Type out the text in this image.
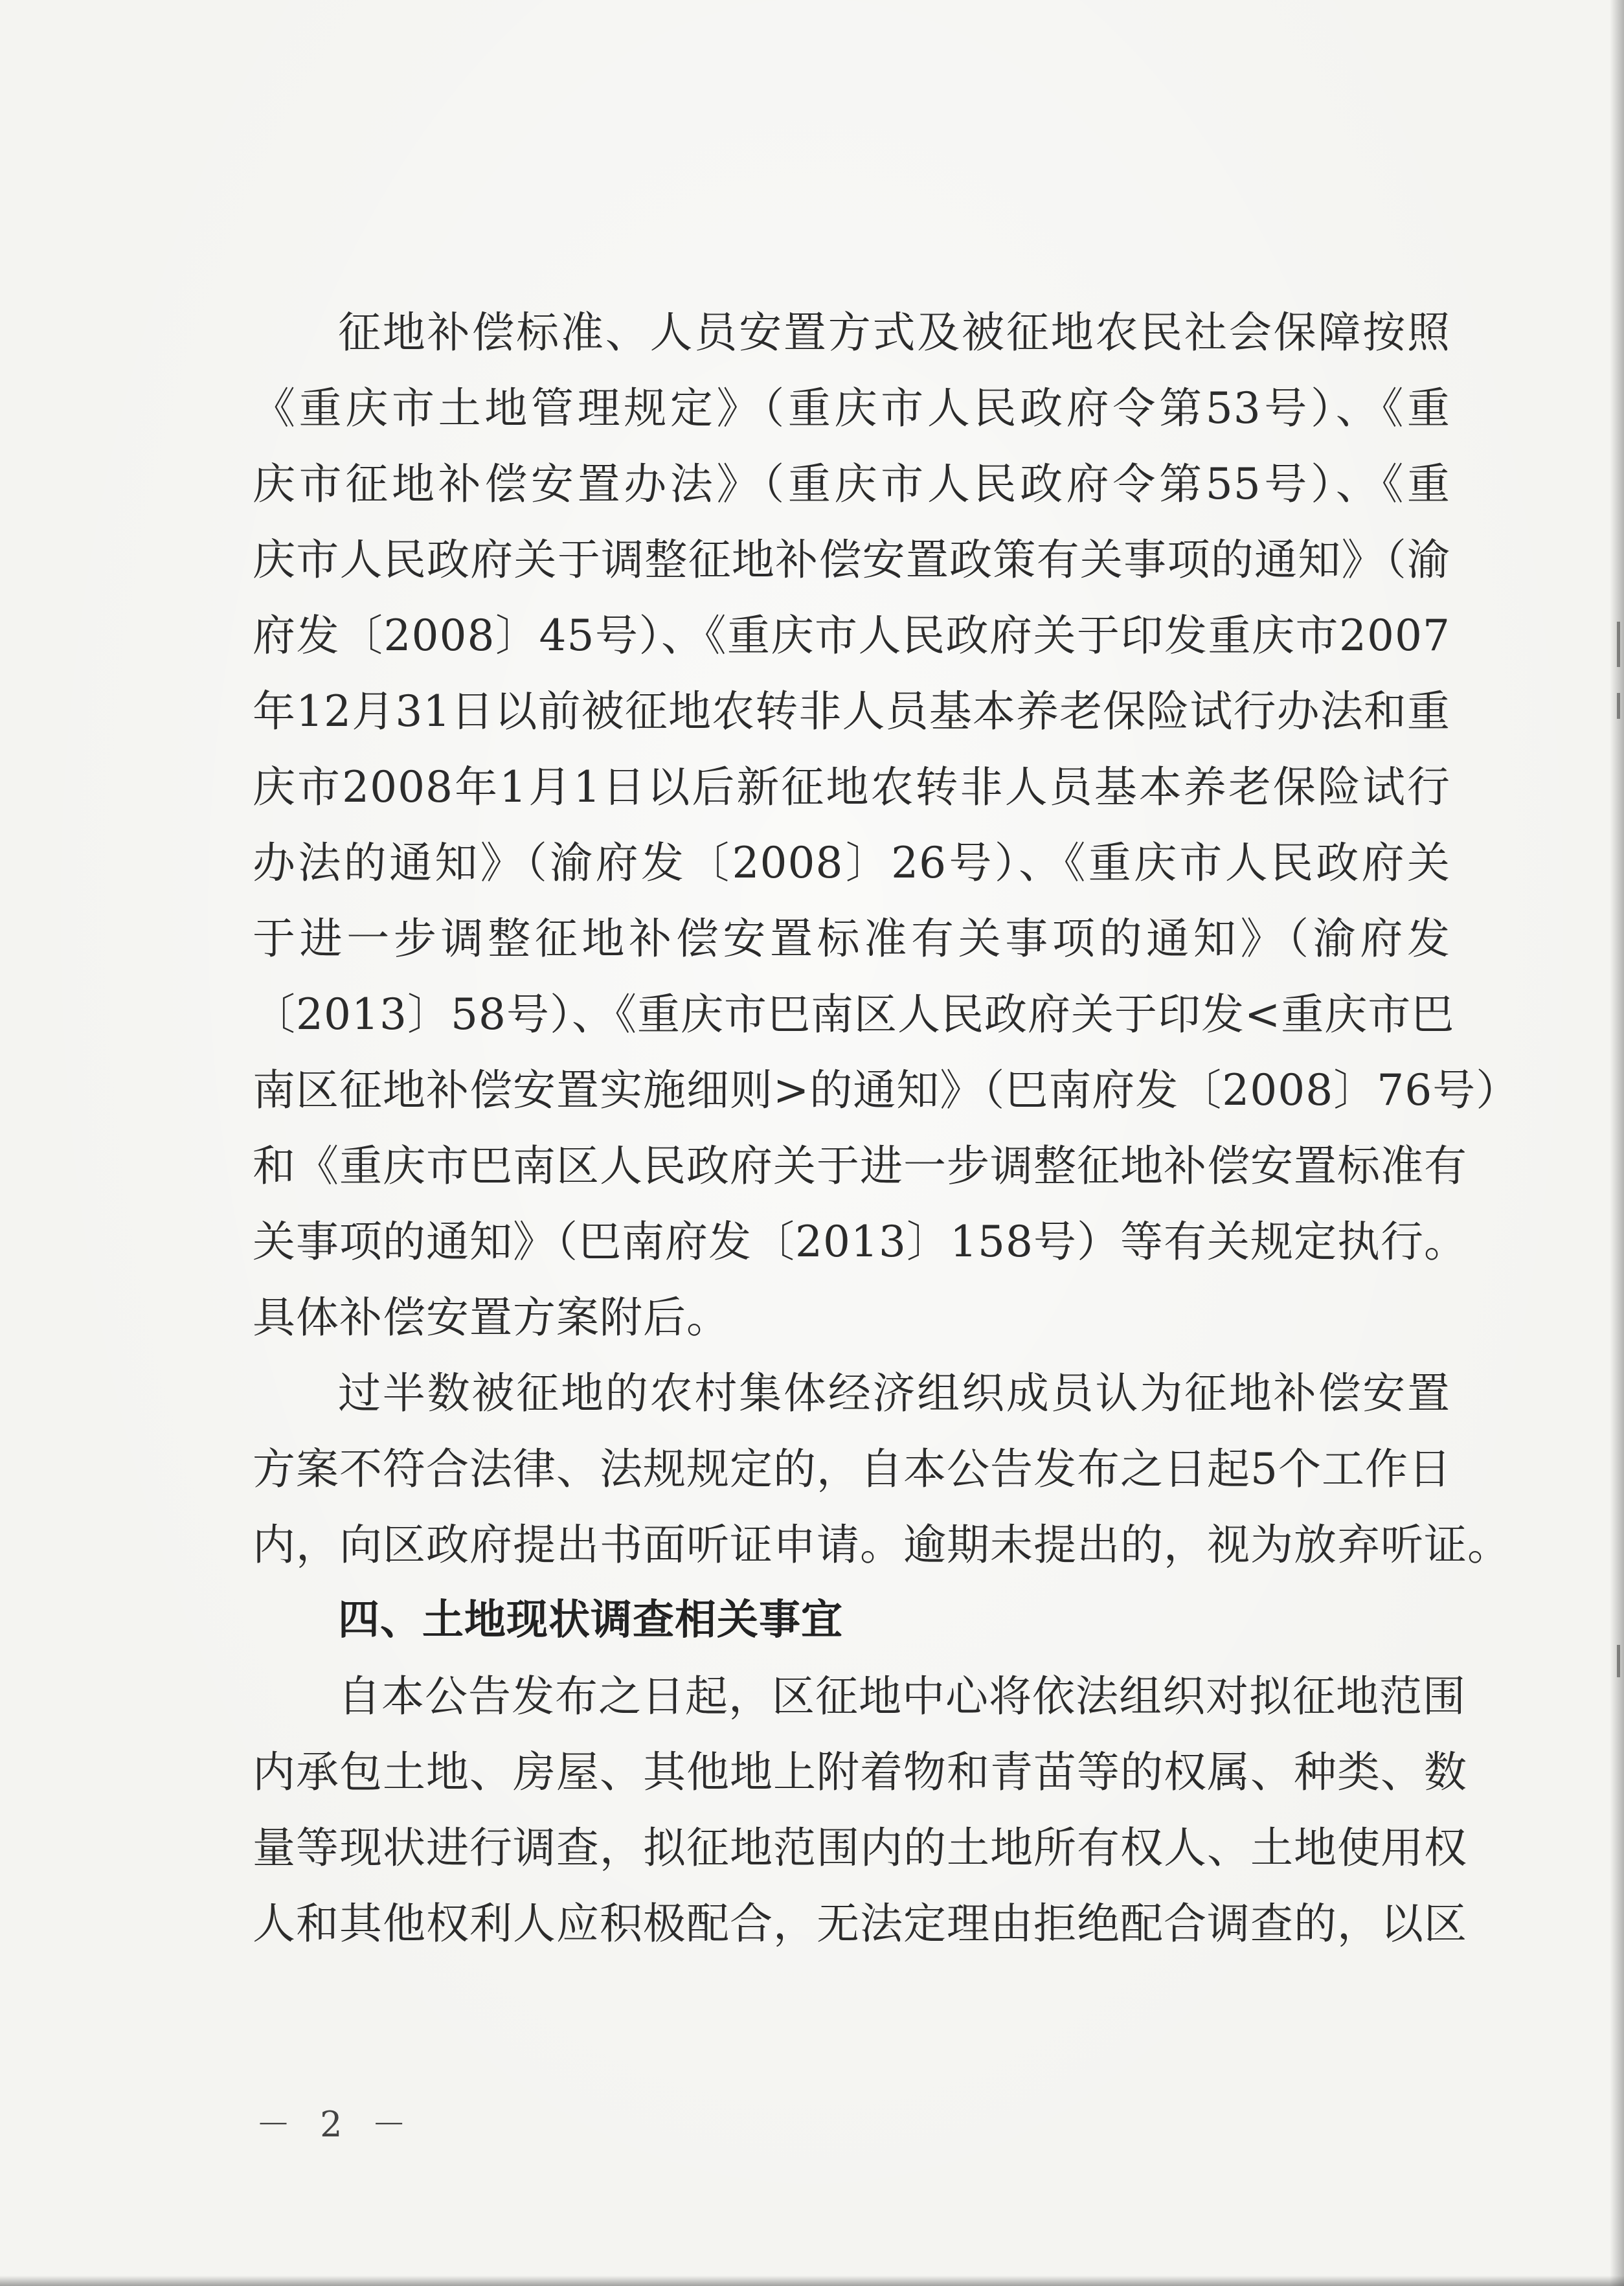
征地补偿标准、人员安置方式及被征地农民社会保障按照
《重庆市土地管理规定》（重庆市人民政府令第53号）、《重
庆市征地补偿安置办法》（重庆市人民政府令第55号）、《重
庆市人民政府关于调整征地补偿安置政策有关事项的通知》（渝
府发〔2008〕45号）、《重庆市人民政府关于印发重庆市2007
年12月31日以前被征地农转非人员基本养老保险试行办法和重
庆市2008年1月1日以后新征地农转非人员基本养老保险试行
办法的通知》（渝府发〔2008〕26号）、《重庆市人民政府关
于进一步调整征地补偿安置标准有关事项的通知》（渝府发
〔2013〕58号）、《重庆市巴南区人民政府关于印发<重庆市巴
南区征地补偿安置实施细则>的通知》（巴南府发〔2008〕76号）
和《重庆市巴南区人民政府关于进一步调整征地补偿安置标准有
关事项的通知》（巴南府发〔2013〕158号）等有关规定执行。
具体补偿安置方案附后。
过半数被征地的农村集体经济组织成员认为征地补偿安置
方案不符合法律、法规规定的，自本公告发布之日起5个工作日
内，向区政府提出书面听证申请。逾期未提出的，视为放弃听证。
四、土地现状调查相关事宜
自本公告发布之日起，区征地中心将依法组织对拟征地范围
内承包土地、房屋、其他地上附着物和青苗等的权属、种类、数
量等现状进行调查，拟征地范围内的土地所有权人、土地使用权
人和其他权利人应积极配合，无法定理由拒绝配合调查的，以区
－ 2 －
